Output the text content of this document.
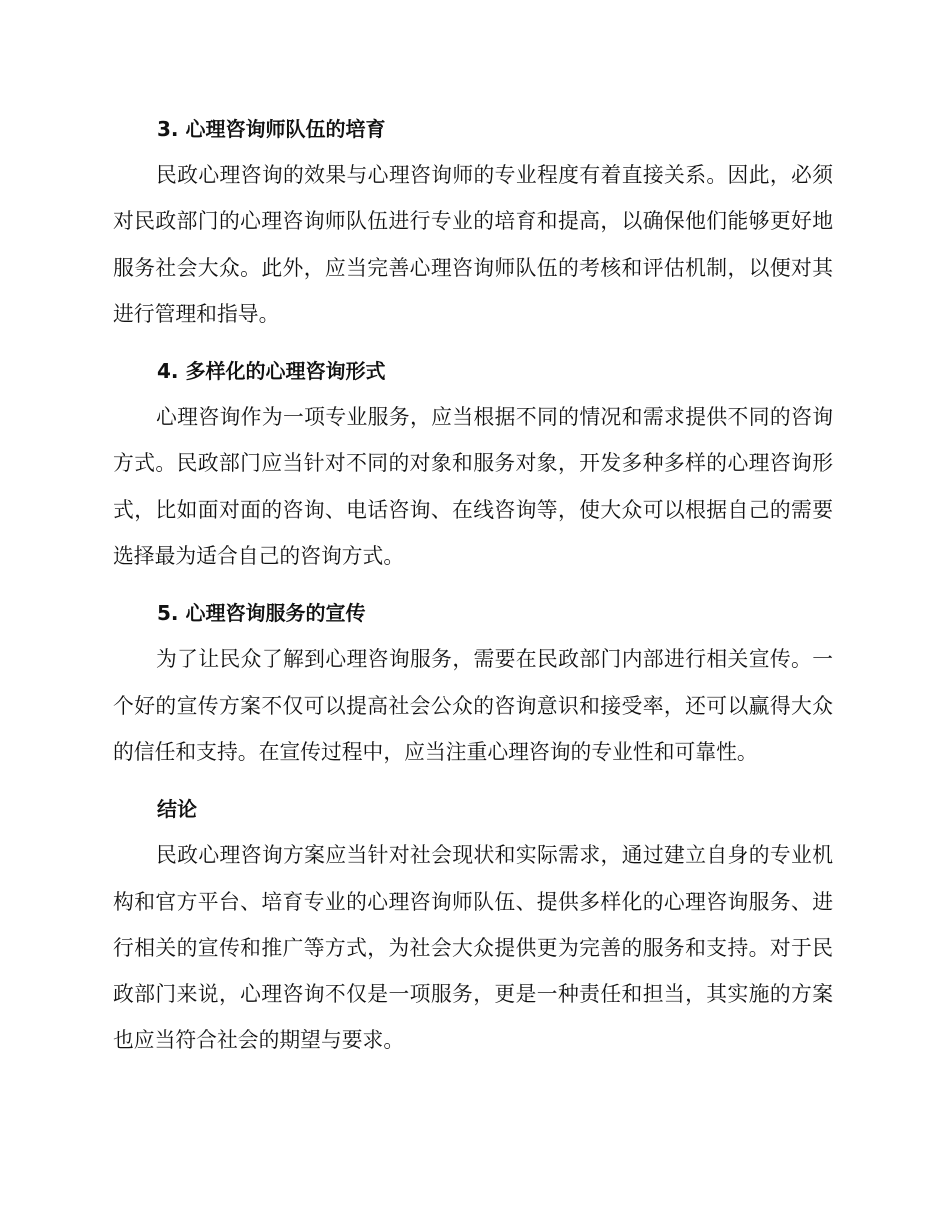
3. 心理咨询师队伍的培育

民政心理咨询的效果与心理咨询师的专业程度有着直接关系。因此，必须对民政部门的心理咨询师队伍进行专业的培育和提高，以确保他们能够更好地服务社会大众。此外，应当完善心理咨询师队伍的考核和评估机制，以便对其进行管理和指导。

4. 多样化的心理咨询形式

心理咨询作为一项专业服务，应当根据不同的情况和需求提供不同的咨询方式。民政部门应当针对不同的对象和服务对象，开发多种多样的心理咨询形式，比如面对面的咨询、电话咨询、在线咨询等，使大众可以根据自己的需要选择最为适合自己的咨询方式。

5. 心理咨询服务的宣传

为了让民众了解到心理咨询服务，需要在民政部门内部进行相关宣传。一个好的宣传方案不仅可以提高社会公众的咨询意识和接受率，还可以赢得大众的信任和支持。在宣传过程中，应当注重心理咨询的专业性和可靠性。

结论

民政心理咨询方案应当针对社会现状和实际需求，通过建立自身的专业机构和官方平台、培育专业的心理咨询师队伍、提供多样化的心理咨询服务、进行相关的宣传和推广等方式，为社会大众提供更为完善的服务和支持。对于民政部门来说，心理咨询不仅是一项服务，更是一种责任和担当，其实施的方案也应当符合社会的期望与要求。
